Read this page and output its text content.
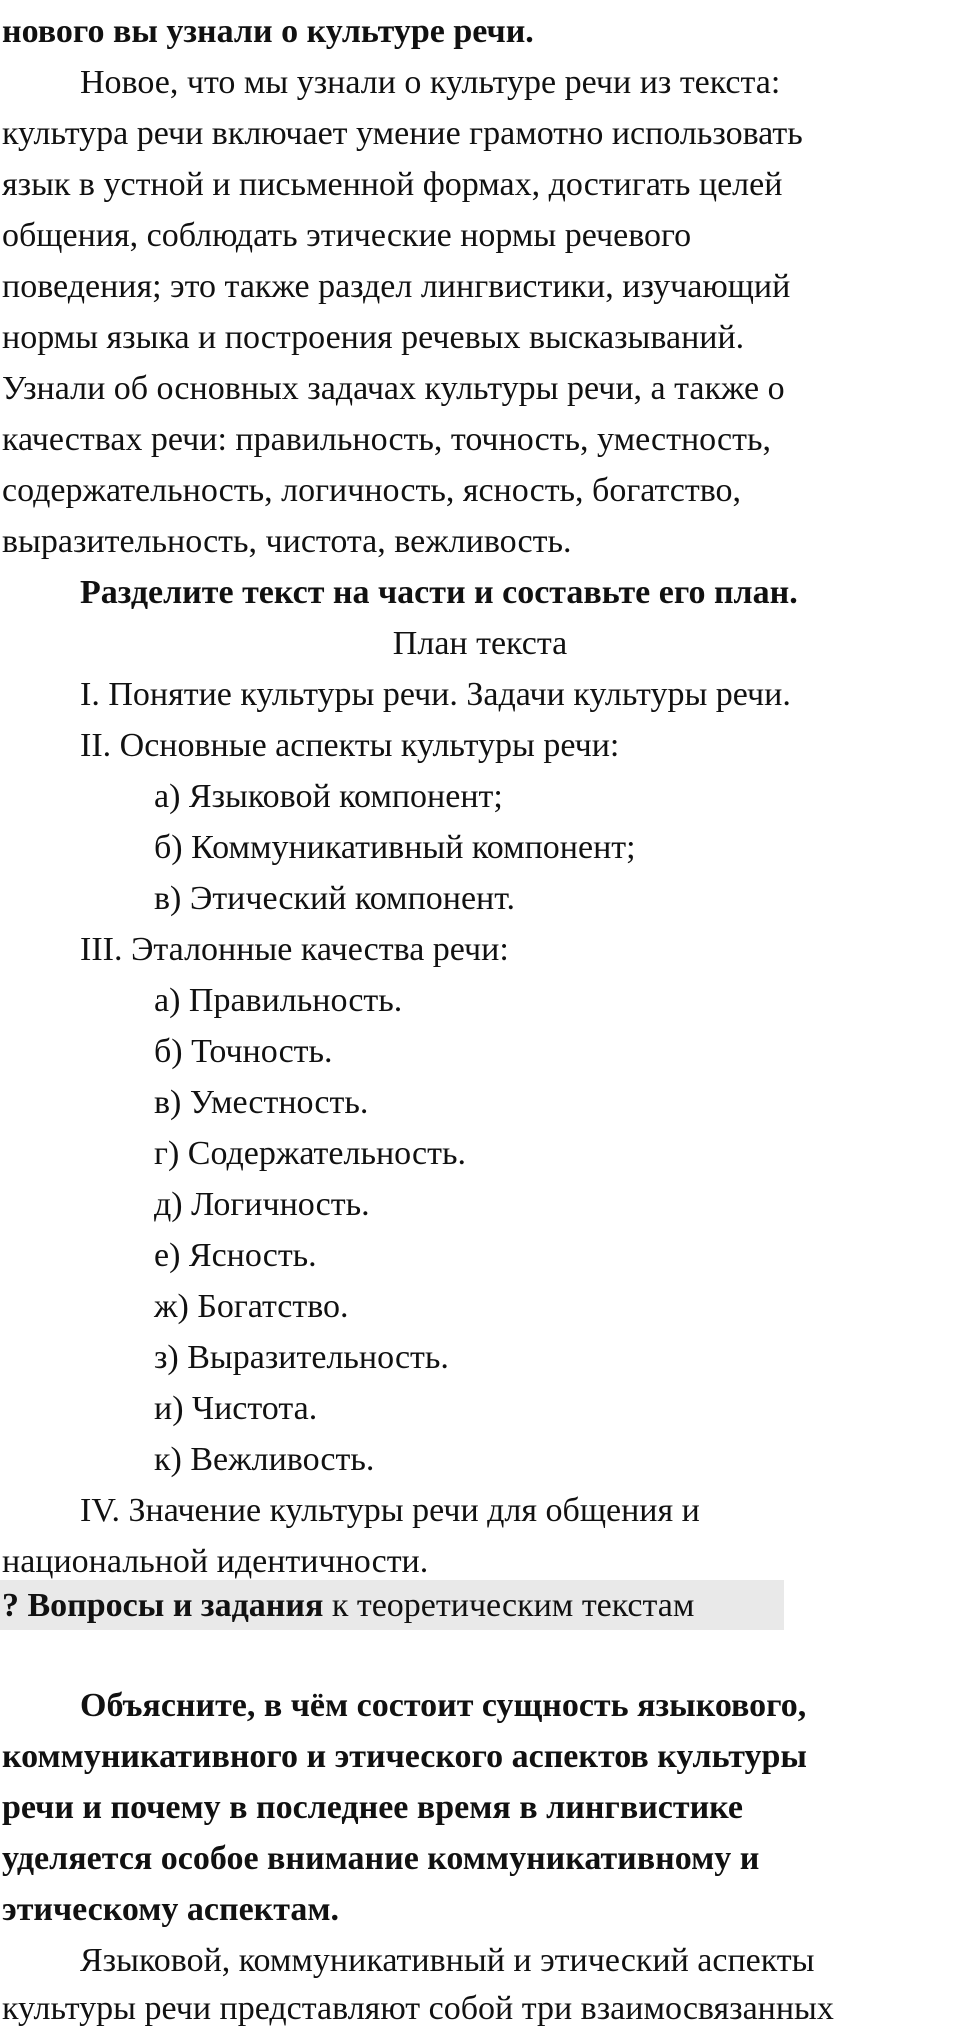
нового вы узнали о культуре речи.
Новое, что мы узнали о культуре речи из текста:
культура речи включает умение грамотно использовать
язык в устной и письменной формах, достигать целей
общения, соблюдать этические нормы речевого
поведения; это также раздел лингвистики, изучающий
нормы языка и построения речевых высказываний.
Узнали об основных задачах культуры речи, а также о
качествах речи: правильность, точность, уместность,
содержательность, логичность, ясность, богатство,
выразительность, чистота, вежливость.
Разделите текст на части и составьте его план.
План текста
I. Понятие культуры речи. Задачи культуры речи.
II. Основные аспекты культуры речи:
а) Языковой компонент;
б) Коммуникативный компонент;
в) Этический компонент.
III. Эталонные качества речи:
а) Правильность.
б) Точность.
в) Уместность.
г) Содержательность.
д) Логичность.
е) Ясность.
ж) Богатство.
з) Выразительность.
и) Чистота.
к) Вежливость.
IV. Значение культуры речи для общения и
национальной идентичности.
? Вопросы и задания к теоретическим текстам
Объясните, в чём состоит сущность языкового,
коммуникативного и этического аспектов культуры
речи и почему в последнее время в лингвистике
уделяется особое внимание коммуникативному и
этическому аспектам.
Языковой, коммуникативный и этический аспекты
культуры речи представляют собой три взаимосвязанных
